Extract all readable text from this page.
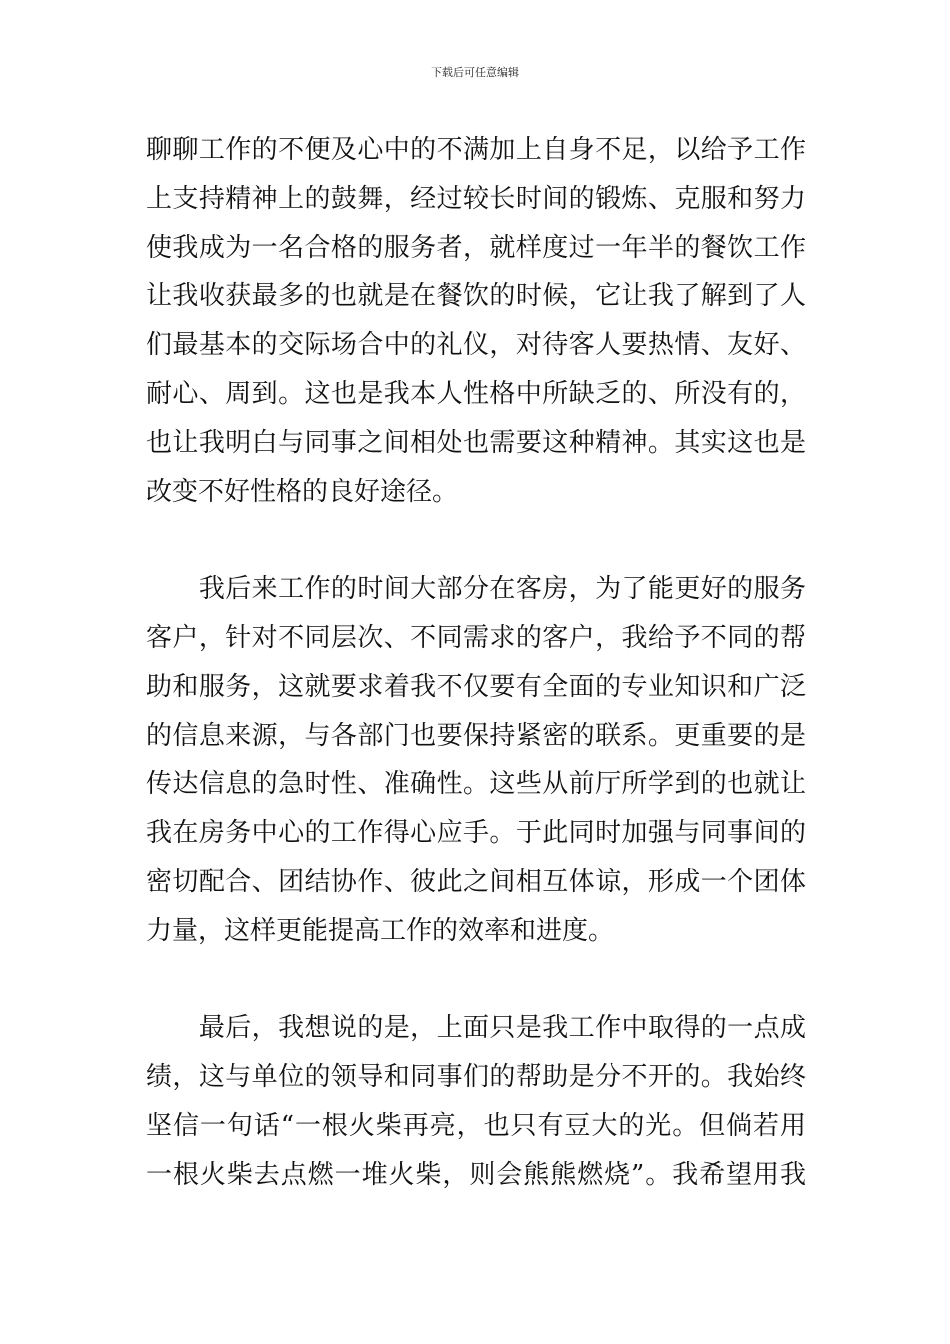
下载后可任意编辑
聊聊工作的不便及心中的不满加上自身不足，以给予工作
上支持精神上的鼓舞，经过较长时间的锻炼、克服和努力
使我成为一名合格的服务者，就样度过一年半的餐饮工作
让我收获最多的也就是在餐饮的时候，它让我了解到了人
们最基本的交际场合中的礼仪，对待客人要热情、友好、
耐心、周到。这也是我本人性格中所缺乏的、所没有的，
也让我明白与同事之间相处也需要这种精神。其实这也是
改变不好性格的良好途径。
　　我后来工作的时间大部分在客房，为了能更好的服务
客户，针对不同层次、不同需求的客户，我给予不同的帮
助和服务，这就要求着我不仅要有全面的专业知识和广泛
的信息来源，与各部门也要保持紧密的联系。更重要的是
传达信息的急时性、准确性。这些从前厅所学到的也就让
我在房务中心的工作得心应手。于此同时加强与同事间的
密切配合、团结协作、彼此之间相互体谅，形成一个团体
力量，这样更能提高工作的效率和进度。
　　最后，我想说的是，上面只是我工作中取得的一点成
绩，这与单位的领导和同事们的帮助是分不开的。我始终
坚信一句话“一根火柴再亮，也只有豆大的光。但倘若用
一根火柴去点燃一堆火柴，则会熊熊燃烧”。我希望用我
